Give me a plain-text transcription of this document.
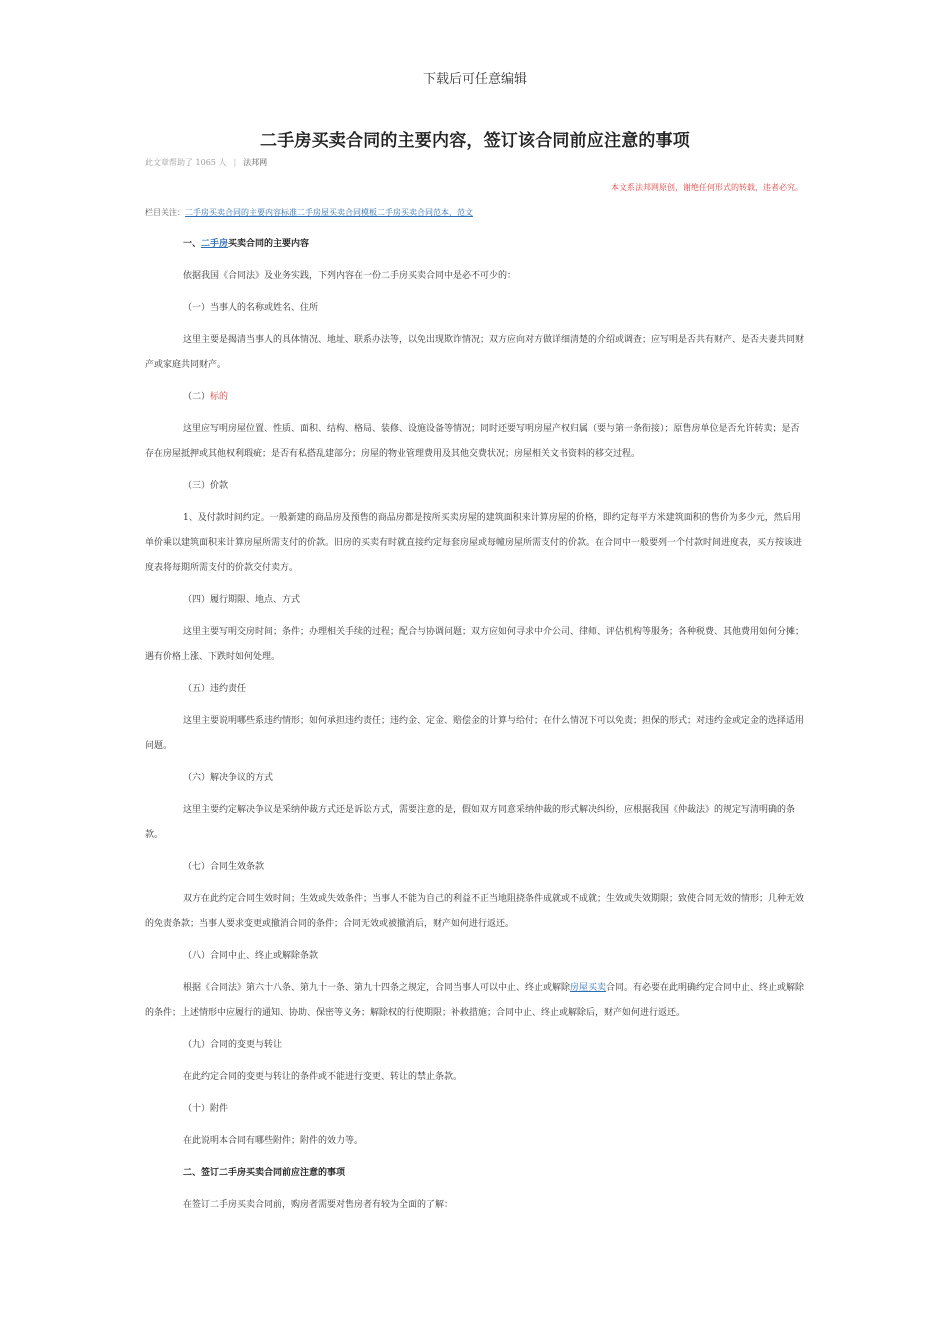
下载后可任意编辑
二手房买卖合同的主要内容，签订该合同前应注意的事项
此文章帮助了 1065 人 | 法邦网
本文系法邦网原创，谢绝任何形式的转载，违者必究。
栏目关注：二手房买卖合同的主要内容标准二手房屋买卖合同模板二手房买卖合同范本，范文

一、二手房买卖合同的主要内容

依据我国《合同法》及业务实践，下列内容在一份二手房买卖合同中是必不可少的：

（一）当事人的名称或姓名、住所

这里主要是揭清当事人的具体情况、地址、联系办法等，以免出现欺诈情况；双方应向对方做详细清楚的介绍或调查；应写明是否共有财产、是否夫妻共同财产或家庭共同财产。

（二）标的

这里应写明房屋位置、性质、面积、结构、格局、装修、设施设备等情况；同时还要写明房屋产权归属（要与第一条衔接）；原售房单位是否允许转卖；是否存在房屋抵押或其他权利瑕疵；是否有私搭乱建部分；房屋的物业管理费用及其他交费状况；房屋相关文书资料的移交过程。

（三）价款

1、及付款时间约定。一般新建的商品房及预售的商品房都是按所买卖房屋的建筑面积来计算房屋的价格，即约定每平方米建筑面积的售价为多少元，然后用单价乘以建筑面积来计算房屋所需支付的价款。旧房的买卖有时就直接约定每套房屋或每幢房屋所需支付的价款。在合同中一般要列一个付款时间进度表，买方按该进度表将每期所需支付的价款交付卖方。

（四）履行期限、地点、方式

这里主要写明交房时间；条件；办理相关手续的过程；配合与协调问题；双方应如何寻求中介公司、律师、评估机构等服务；各种税费、其他费用如何分摊；遇有价格上涨、下跌时如何处理。

（五）违约责任

这里主要说明哪些系违约情形；如何承担违约责任；违约金、定金、赔偿金的计算与给付；在什么情况下可以免责；担保的形式；对违约金或定金的选择适用问题。

（六）解决争议的方式

这里主要约定解决争议是采纳仲裁方式还是诉讼方式，需要注意的是，假如双方同意采纳仲裁的形式解决纠纷，应根据我国《仲裁法》的规定写清明确的条款。

（七）合同生效条款

双方在此约定合同生效时间；生效或失效条件；当事人不能为自己的利益不正当地阻挠条件成就或不成就；生效或失效期限；致使合同无效的情形；几种无效的免责条款；当事人要求变更或撤消合同的条件；合同无效或被撤消后，财产如何进行返还。

（八）合同中止、终止或解除条款

根据《合同法》第六十八条、第九十一条、第九十四条之规定，合同当事人可以中止、终止或解除房屋买卖合同。有必要在此明确约定合同中止、终止或解除的条件；上述情形中应履行的通知、协助、保密等义务；解除权的行使期限；补救措施；合同中止、终止或解除后，财产如何进行返还。

（九）合同的变更与转让

在此约定合同的变更与转让的条件或不能进行变更、转让的禁止条款。

（十）附件

在此说明本合同有哪些附件；附件的效力等。

二、签订二手房买卖合同前应注意的事项

在签订二手房买卖合同前，购房者需要对售房者有较为全面的了解：
